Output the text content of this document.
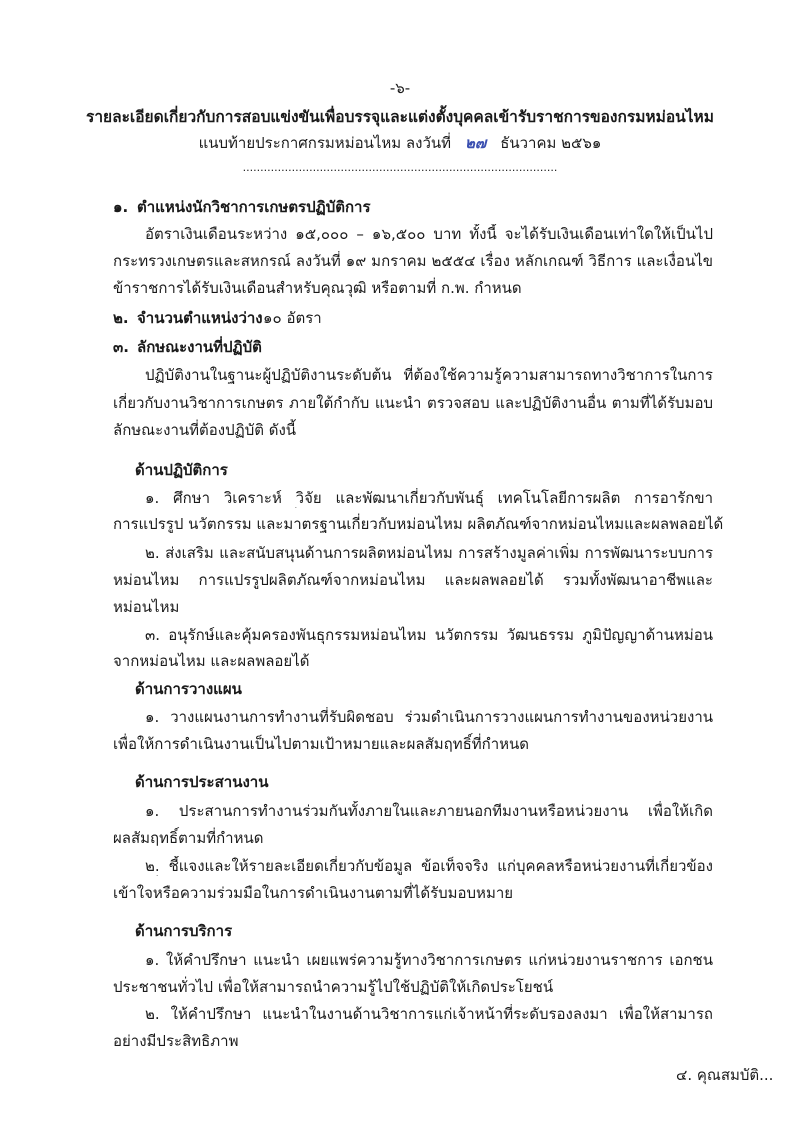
-๖-
รายละเอียดเกี่ยวกับการสอบแข่งขันเพื่อบรรจุและแต่งตั้งบุคคลเข้ารับราชการของกรมหม่อนไหม
แนบท้ายประกาศกรมหม่อนไหม ลงวันที่ ๒๗ ธันวาคม ๒๕๖๑
..........................................................................................
๑. ตำแหน่งนักวิชาการเกษตรปฏิบัติการ
อัตราเงินเดือนระหว่าง ๑๕,๐๐๐ – ๑๖,๕๐๐ บาท ทั้งนี้ จะได้รับเงินเดือนเท่าใดให้เป็นไป
กระทรวงเกษตรและสหกรณ์ ลงวันที่ ๑๙ มกราคม ๒๕๕๔ เรื่อง หลักเกณฑ์ วิธีการ และเงื่อนไข
ข้าราชการได้รับเงินเดือนสำหรับคุณวุฒิ หรือตามที่ ก.พ. กำหนด
๒. จำนวนตำแหน่งว่าง ๑๐ อัตรา
๓. ลักษณะงานที่ปฏิบัติ
ปฏิบัติงานในฐานะผู้ปฏิบัติงานระดับต้น ที่ต้องใช้ความรู้ความสามารถทางวิชาการในการ
เกี่ยวกับงานวิชาการเกษตร ภายใต้กำกับ แนะนำ ตรวจสอบ และปฏิบัติงานอื่น ตามที่ได้รับมอบ
ลักษณะงานที่ต้องปฏิบัติ ดังนี้
ด้านปฏิบัติการ
๑. ศึกษา วิเคราะห์ วิจัย และพัฒนาเกี่ยวกับพันธุ์ เทคโนโลยีการผลิต การอารักขา
การแปรรูป นวัตกรรม และมาตรฐานเกี่ยวกับหม่อนไหม ผลิตภัณฑ์จากหม่อนไหมและผลพลอยได้
๒. ส่งเสริม และสนับสนุนด้านการผลิตหม่อนไหม การสร้างมูลค่าเพิ่ม การพัฒนาระบบการ
หม่อนไหม การแปรรูปผลิตภัณฑ์จากหม่อนไหม และผลพลอยได้ รวมทั้งพัฒนาอาชีพและ
หม่อนไหม
๓. อนุรักษ์และคุ้มครองพันธุกรรมหม่อนไหม นวัตกรรม วัฒนธรรม ภูมิปัญญาด้านหม่อน
จากหม่อนไหม และผลพลอยได้
ด้านการวางแผน
๑. วางแผนงานการทำงานที่รับผิดชอบ ร่วมดำเนินการวางแผนการทำงานของหน่วยงาน
เพื่อให้การดำเนินงานเป็นไปตามเป้าหมายและผลสัมฤทธิ์ที่กำหนด
ด้านการประสานงาน
๑. ประสานการทำงานร่วมกันทั้งภายในและภายนอกทีมงานหรือหน่วยงาน เพื่อให้เกิด
ผลสัมฤทธิ์ตามที่กำหนด
๒. ชี้แจงและให้รายละเอียดเกี่ยวกับข้อมูล ข้อเท็จจริง แก่บุคคลหรือหน่วยงานที่เกี่ยวข้อง
เข้าใจหรือความร่วมมือในการดำเนินงานตามที่ได้รับมอบหมาย
ด้านการบริการ
๑. ให้คำปรึกษา แนะนำ เผยแพร่ความรู้ทางวิชาการเกษตร แก่หน่วยงานราชการ เอกชน
ประชาชนทั่วไป เพื่อให้สามารถนำความรู้ไปใช้ปฏิบัติให้เกิดประโยชน์
๒. ให้คำปรึกษา แนะนำในงานด้านวิชาการแก่เจ้าหน้าที่ระดับรองลงมา เพื่อให้สามารถ
อย่างมีประสิทธิภาพ
๔. คุณสมบัติ...
